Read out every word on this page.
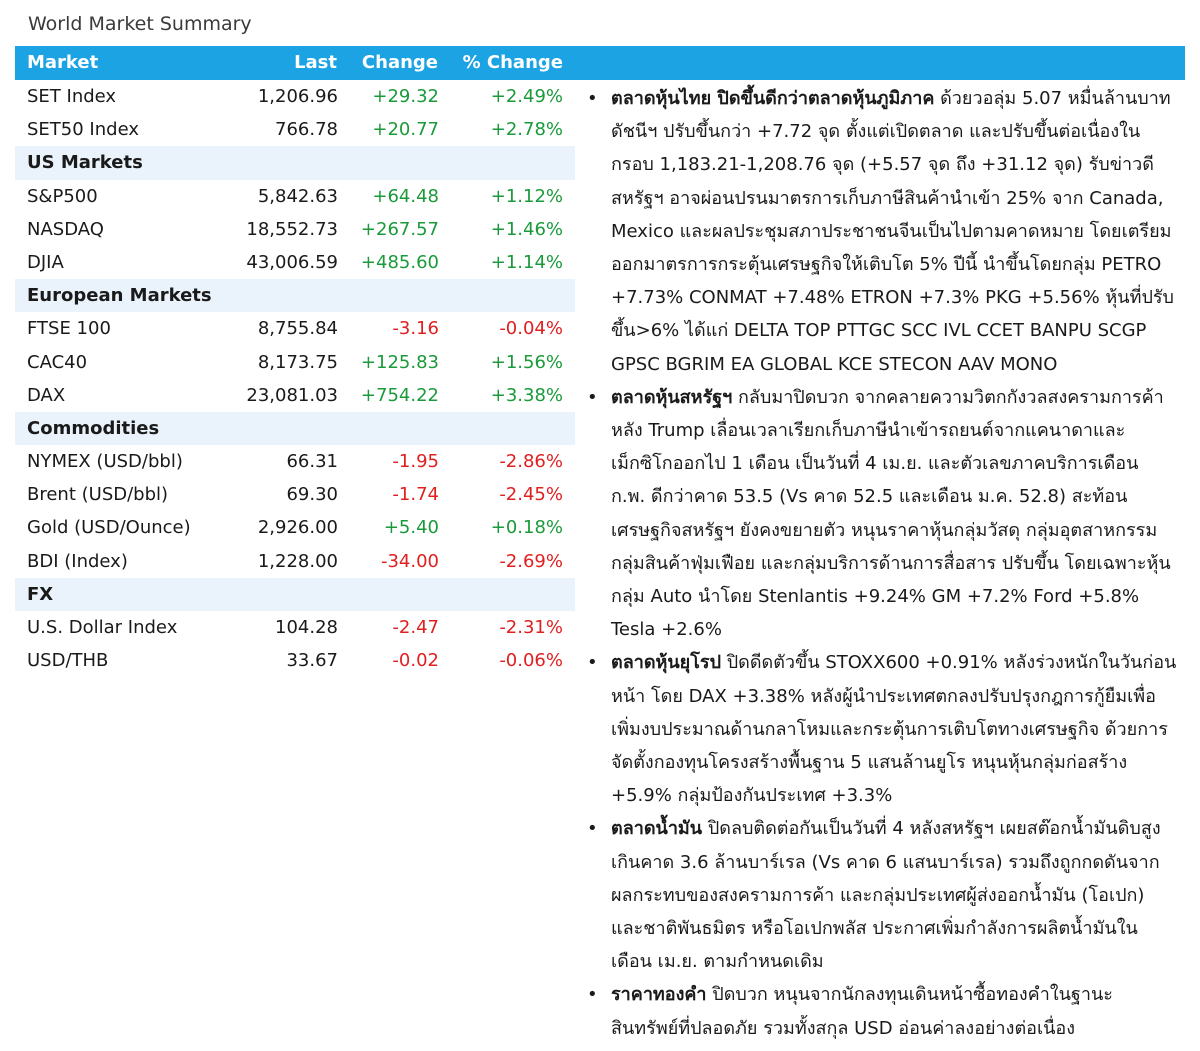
World Market Summary
Market	Last Change % Change
SET Index	1,206.96 +29.32	+2.49%
SET50 Index	766.78 +20.77	+2.78%
US Markets
S&P500	5,842.63 +64.48	+1.12%
NASDAQ	18,552.73 +267.57	+1.46%
DJIA	43,006.59 +485.60	+1.14%
European Markets
FTSE 100	8,755.84	-3.16	-0.04%
CAC40	8,173.75 +125.83	+1.56%
DAX	23,081.03 +754.22	+3.38%
Commodities
NYMEX (USD/bbl)	66.31	-1.95	-2.86%
Brent (USD/bbl)	69.30	-1.74	-2.45%
Gold (USD/Ounce)	2,926.00	+5.40	+0.18%
BDI (Index)	1,228.00 -34.00	-2.69%
FX
U.S. Dollar Index	104.28	-2.47	-2.31%
USD/THB	33.67	-0.02	-0.06%
• ตลาดหุ้นไทย ปิดขึ้นดีกว่าตลาดหุ้นภูมิภาค ด้วยวอลุ่ม 5.07 หมื่นล้านบาท ดัชนีฯ ปรับขึ้นกว่า +7.72 จุด ตั้งแต่เปิดตลาด และปรับขึ้นต่อเนื่องในกรอบ 1,183.21-1,208.76 จุด (+5.57 จุด ถึง +31.12 จุด) รับข่าวดีสหรัฐฯ อาจผ่อนปรนมาตรการเก็บภาษีสินค้านำเข้า 25% จาก Canada, Mexico และผลประชุมสภาประชาชนจีนเป็นไปตามคาดหมาย โดยเตรียมออกมาตรการกระตุ้นเศรษฐกิจให้เติบโต 5% ปีนี้ นำขึ้นโดยกลุ่ม PETRO +7.73% CONMAT +7.48% ETRON +7.3% PKG +5.56% หุ้นที่ปรับขึ้น>6% ได้แก่ DELTA TOP PTTGC SCC IVL CCET BANPU SCGP GPSC BGRIM EA GLOBAL KCE STECON AAV MONO
• ตลาดหุ้นสหรัฐฯ กลับมาปิดบวก จากคลายความวิตกกังวลสงครามการค้า หลัง Trump เลื่อนเวลาเรียกเก็บภาษีนำเข้ารถยนต์จากแคนาดาและเม็กซิโกออกไป 1 เดือน เป็นวันที่ 4 เม.ย. และตัวเลขภาคบริการเดือน ก.พ. ดีกว่าคาด 53.5 (Vs คาด 52.5 และเดือน ม.ค. 52.8) สะท้อนเศรษฐกิจสหรัฐฯ ยังคงขยายตัว หนุนราคาหุ้นกลุ่มวัสดุ กลุ่มอุตสาหกรรม กลุ่มสินค้าฟุ่มเฟือย และกลุ่มบริการด้านการสื่อสาร ปรับขึ้น โดยเฉพาะหุ้นกลุ่ม Auto นำโดย Stenlantis +9.24% GM +7.2% Ford +5.8% Tesla +2.6%
• ตลาดหุ้นยุโรป ปิดดีดตัวขึ้น STOXX600 +0.91% หลังร่วงหนักในวันก่อนหน้า โดย DAX +3.38% หลังผู้นำประเทศตกลงปรับปรุงกฎการกู้ยืมเพื่อเพิ่มงบประมาณด้านกลาโหมและกระตุ้นการเติบโตทางเศรษฐกิจ ด้วยการจัดตั้งกองทุนโครงสร้างพื้นฐาน 5 แสนล้านยูโร หนุนหุ้นกลุ่มก่อสร้าง +5.9% กลุ่มป้องกันประเทศ +3.3%
• ตลาดน้ำมัน ปิดลบติดต่อกันเป็นวันที่ 4 หลังสหรัฐฯ เผยสต๊อกน้ำมันดิบสูงเกินคาด 3.6 ล้านบาร์เรล (Vs คาด 6 แสนบาร์เรล) รวมถึงถูกกดดันจากผลกระทบของสงครามการค้า และกลุ่มประเทศผู้ส่งออกน้ำมัน (โอเปก) และชาติพันธมิตร หรือโอเปกพลัส ประกาศเพิ่มกำลังการผลิตน้ำมันในเดือน เม.ย. ตามกำหนดเดิม
• ราคาทองคำ ปิดบวก หนุนจากนักลงทุนเดินหน้าซื้อทองคำในฐานะสินทรัพย์ที่ปลอดภัย รวมทั้งสกุล USD อ่อนค่าลงอย่างต่อเนื่อง
